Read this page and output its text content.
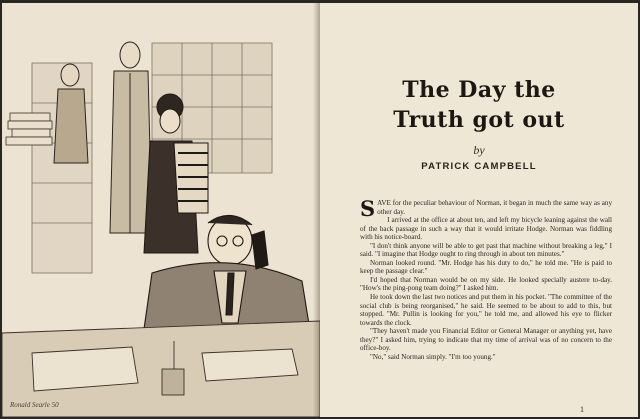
Ronald Searle 50
The Day the
Truth got out
by
PATRICK CAMPBELL

SAVE for the peculiar behaviour of Norman, it began in much the same way as any other day.

I arrived at the office at about ten, and left my bicycle leaning against the wall of the back passage in such a way that it would irritate Hodge. Norman was fiddling with his notice-board.

"I don't think anyone will be able to get past that machine without breaking a leg," I said. "I imagine that Hodge ought to ring through in about ten minutes."

Norman looked round. "Mr. Hodge has his duty to do," he told me. "He is paid to keep the passage clear."

I'd hoped that Norman would be on my side. He looked specially austere to-day. "How's the ping-pong team doing?" I asked him.

He took down the last two notices and put them in his pocket. "The committee of the social club is being reorganised," he said. He seemed to be about to add to this, but stopped. "Mr. Pullin is looking for you," he told me, and allowed his eye to flicker towards the clock.

"They haven't made you Financial Editor or General Manager or anything yet, have they?" I asked him, trying to indicate that my time of arrival was of no concern to the office-boy.

"No," said Norman simply. "I'm too young."

1
